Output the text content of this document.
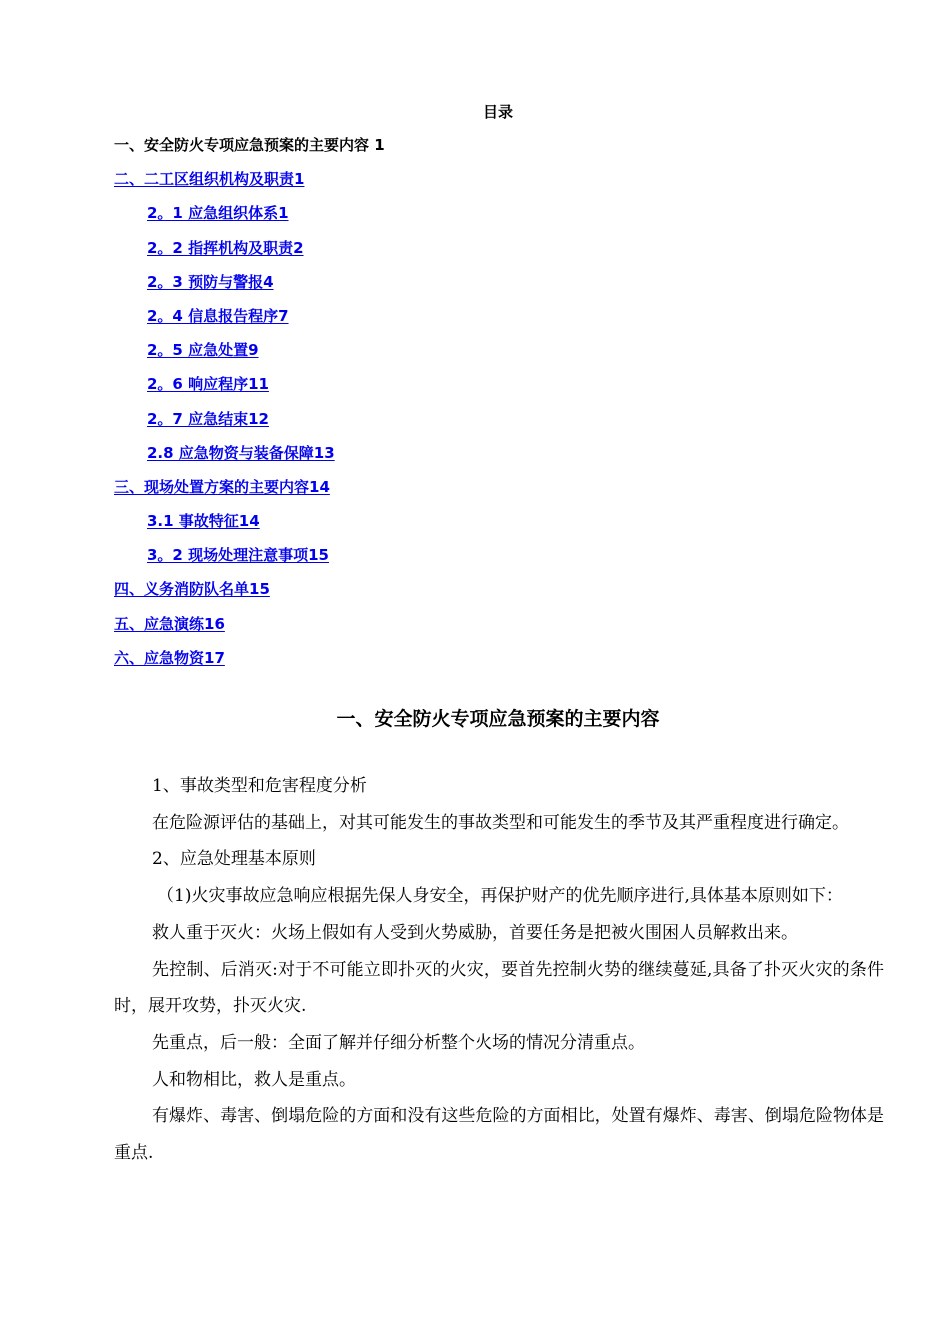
目录
一、安全防火专项应急预案的主要内容 1
二、二工区组织机构及职责1
2。1 应急组织体系1
2。2 指挥机构及职责2
2。3 预防与警报4
2。4 信息报告程序7
2。5 应急处置9
2。6 响应程序11
2。7 应急结束12
2.8 应急物资与装备保障13
三、现场处置方案的主要内容14
3.1 事故特征14
3。2 现场处理注意事项15
四、义务消防队名单15
五、应急演练16
六、应急物资17
一、安全防火专项应急预案的主要内容

1、事故类型和危害程度分析

在危险源评估的基础上，对其可能发生的事故类型和可能发生的季节及其严重程度进行确定。

2、应急处理基本原则

（1)火灾事故应急响应根据先保人身安全，再保护财产的优先顺序进行,具体基本原则如下：

救人重于灭火：火场上假如有人受到火势威胁，首要任务是把被火围困人员解救出来。

先控制、后消灭:对于不可能立即扑灭的火灾，要首先控制火势的继续蔓延,具备了扑灭火灾的条件时，展开攻势，扑灭火灾.

先重点，后一般：全面了解并仔细分析整个火场的情况分清重点。

人和物相比，救人是重点。

有爆炸、毒害、倒塌危险的方面和没有这些危险的方面相比，处置有爆炸、毒害、倒塌危险物体是重点.
